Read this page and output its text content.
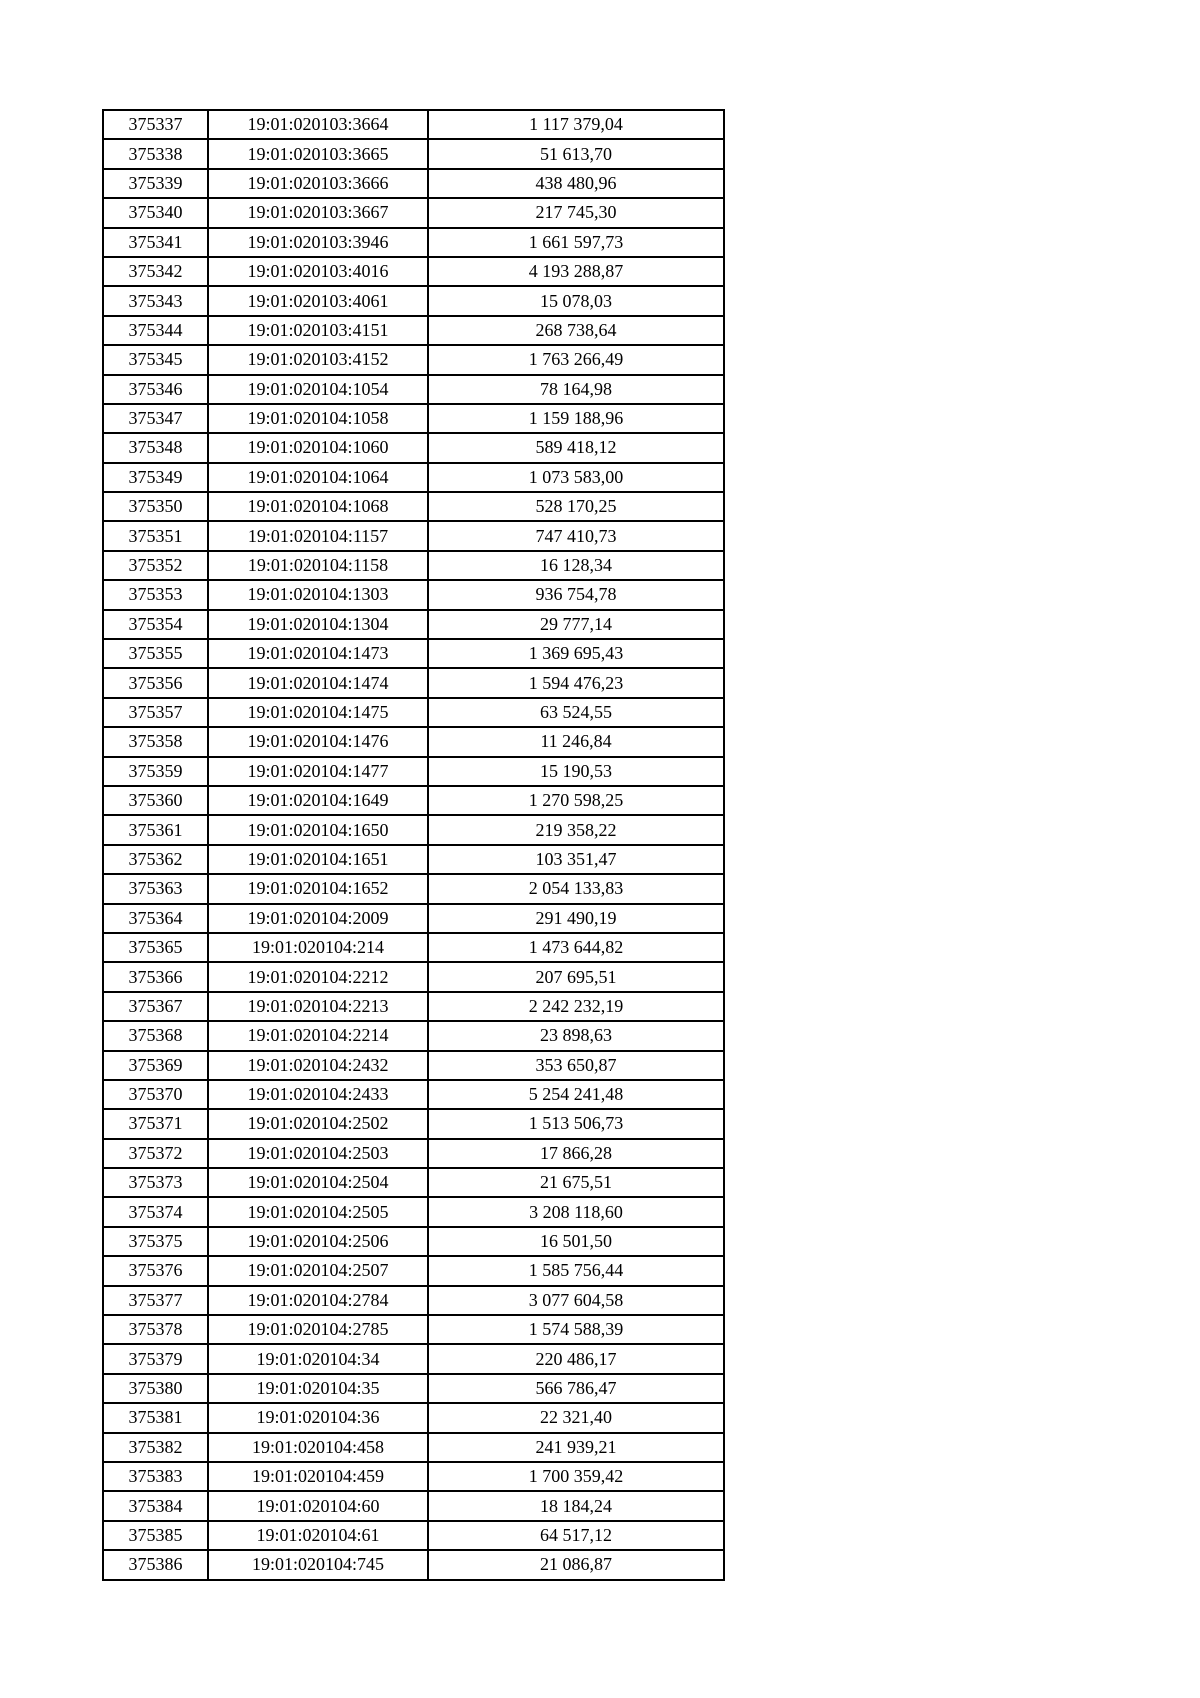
375337	19:01:020103:3664	1 117 379,04
375338	19:01:020103:3665	51 613,70
375339	19:01:020103:3666	438 480,96
375340	19:01:020103:3667	217 745,30
375341	19:01:020103:3946	1 661 597,73
375342	19:01:020103:4016	4 193 288,87
375343	19:01:020103:4061	15 078,03
375344	19:01:020103:4151	268 738,64
375345	19:01:020103:4152	1 763 266,49
375346	19:01:020104:1054	78 164,98
375347	19:01:020104:1058	1 159 188,96
375348	19:01:020104:1060	589 418,12
375349	19:01:020104:1064	1 073 583,00
375350	19:01:020104:1068	528 170,25
375351	19:01:020104:1157	747 410,73
375352	19:01:020104:1158	16 128,34
375353	19:01:020104:1303	936 754,78
375354	19:01:020104:1304	29 777,14
375355	19:01:020104:1473	1 369 695,43
375356	19:01:020104:1474	1 594 476,23
375357	19:01:020104:1475	63 524,55
375358	19:01:020104:1476	11 246,84
375359	19:01:020104:1477	15 190,53
375360	19:01:020104:1649	1 270 598,25
375361	19:01:020104:1650	219 358,22
375362	19:01:020104:1651	103 351,47
375363	19:01:020104:1652	2 054 133,83
375364	19:01:020104:2009	291 490,19
375365	19:01:020104:214	1 473 644,82
375366	19:01:020104:2212	207 695,51
375367	19:01:020104:2213	2 242 232,19
375368	19:01:020104:2214	23 898,63
375369	19:01:020104:2432	353 650,87
375370	19:01:020104:2433	5 254 241,48
375371	19:01:020104:2502	1 513 506,73
375372	19:01:020104:2503	17 866,28
375373	19:01:020104:2504	21 675,51
375374	19:01:020104:2505	3 208 118,60
375375	19:01:020104:2506	16 501,50
375376	19:01:020104:2507	1 585 756,44
375377	19:01:020104:2784	3 077 604,58
375378	19:01:020104:2785	1 574 588,39
375379	19:01:020104:34	220 486,17
375380	19:01:020104:35	566 786,47
375381	19:01:020104:36	22 321,40
375382	19:01:020104:458	241 939,21
375383	19:01:020104:459	1 700 359,42
375384	19:01:020104:60	18 184,24
375385	19:01:020104:61	64 517,12
375386	19:01:020104:745	21 086,87
